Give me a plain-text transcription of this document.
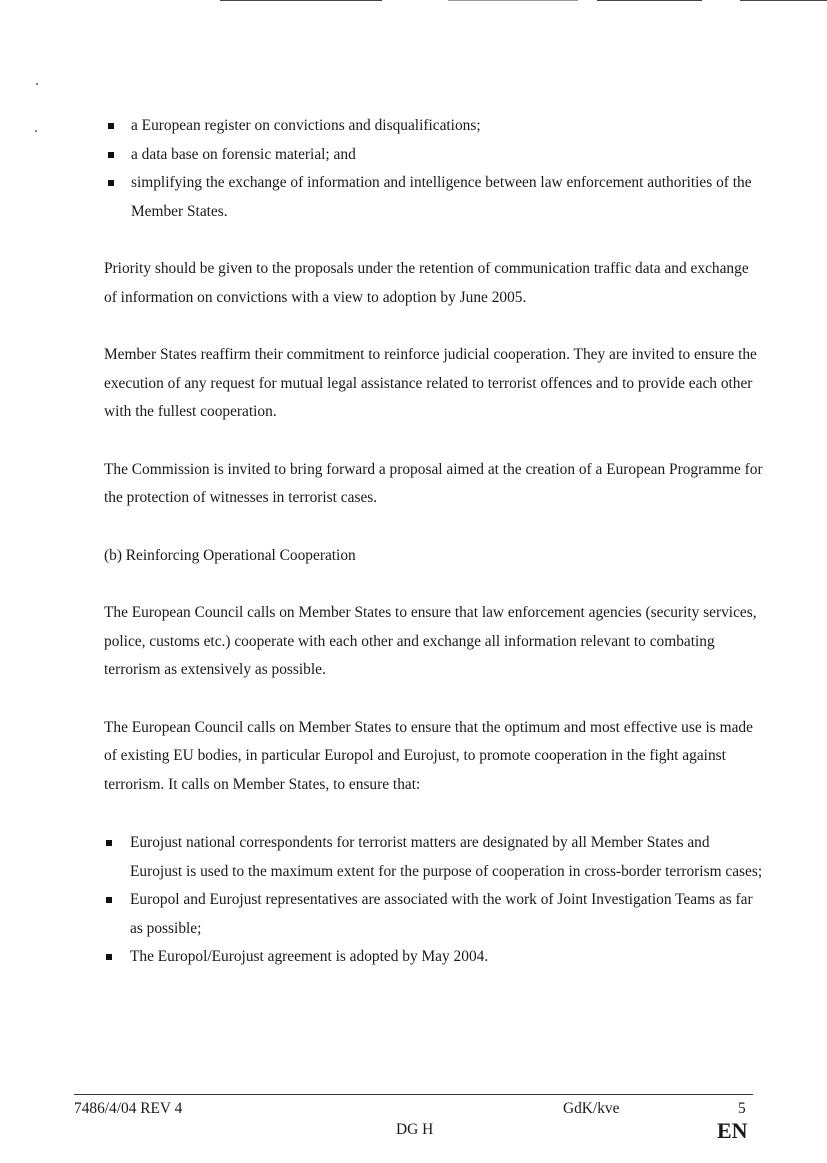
a European register on convictions and disqualifications;
a data base on forensic material; and
simplifying the exchange of information and intelligence between law enforcement authorities of the Member States.

Priority should be given to the proposals under the retention of communication traffic data and exchange of information on convictions with a view to adoption by June 2005.

Member States reaffirm their commitment to reinforce judicial cooperation. They are invited to ensure the execution of any request for mutual legal assistance related to terrorist offences and to provide each other with the fullest cooperation.

The Commission is invited to bring forward a proposal aimed at the creation of a European Programme for the protection of witnesses in terrorist cases.

(b) Reinforcing Operational Cooperation

The European Council calls on Member States to ensure that law enforcement agencies (security services, police, customs etc.) cooperate with each other and exchange all information relevant to combating terrorism as extensively as possible.

The European Council calls on Member States to ensure that the optimum and most effective use is made of existing EU bodies, in particular Europol and Eurojust, to promote cooperation in the fight against terrorism. It calls on Member States, to ensure that:

Eurojust national correspondents for terrorist matters are designated by all Member States and Eurojust is used to the maximum extent for the purpose of cooperation in cross-border terrorism cases;
Europol and Eurojust representatives are associated with the work of Joint Investigation Teams as far as possible;
The Europol/Eurojust agreement is adopted by May 2004.
7486/4/04 REV 4	GdK/kve	5
DG H	EN
